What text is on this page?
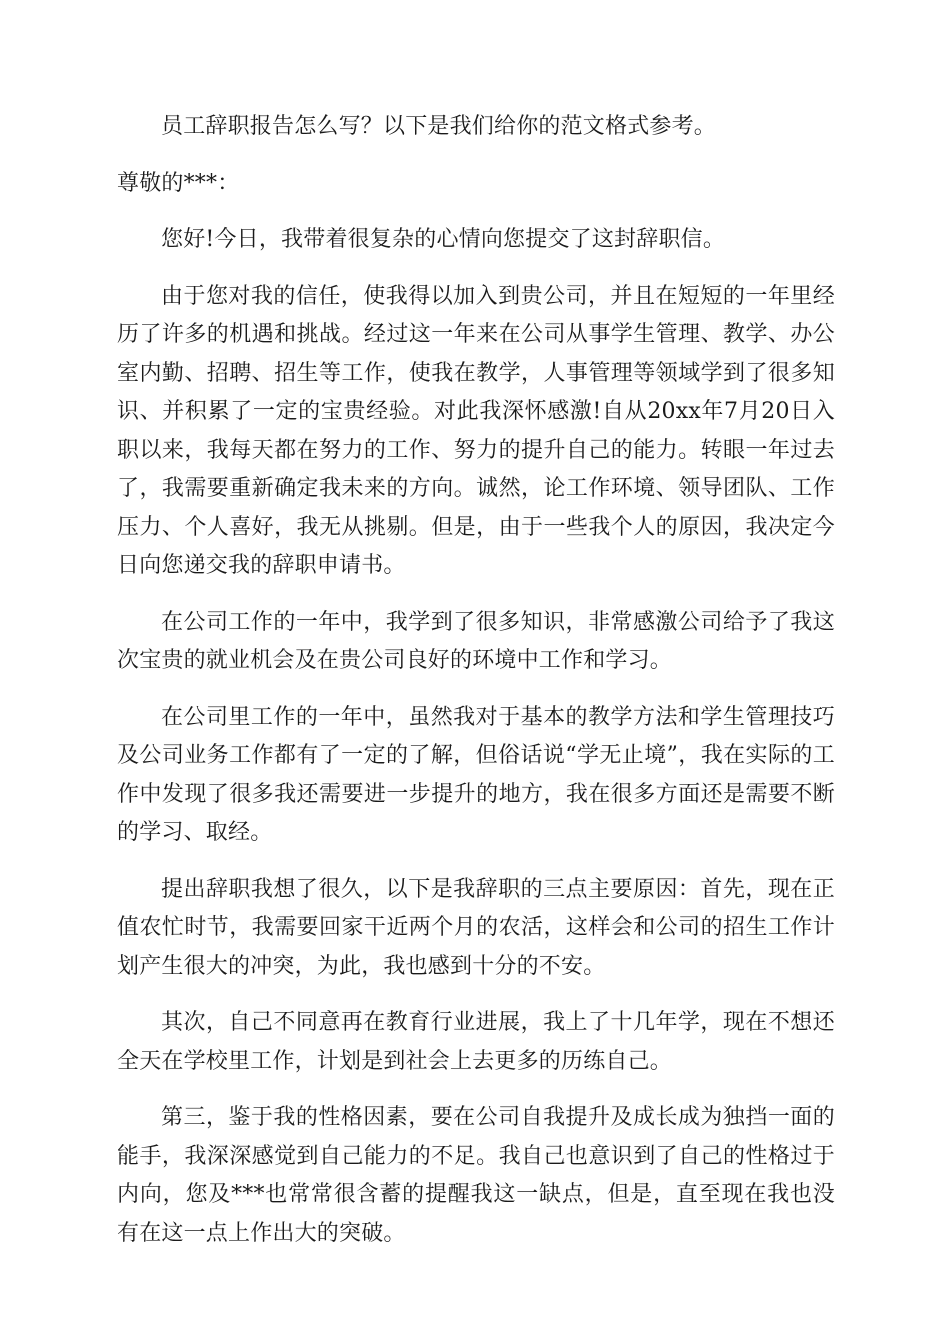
员工辞职报告怎么写？以下是我们给你的范文格式参考。

尊敬的***：

您好!今日，我带着很复杂的心情向您提交了这封辞职信。

由于您对我的信任，使我得以加入到贵公司，并且在短短的一年里经历了许多的机遇和挑战。经过这一年来在公司从事学生管理、教学、办公室内勤、招聘、招生等工作，使我在教学，人事管理等领域学到了很多知识、并积累了一定的宝贵经验。对此我深怀感激!自从20xx年7月20日入职以来，我每天都在努力的工作、努力的提升自己的能力。转眼一年过去了，我需要重新确定我未来的方向。诚然，论工作环境、领导团队、工作压力、个人喜好，我无从挑剔。但是，由于一些我个人的原因，我决定今日向您递交我的辞职申请书。

在公司工作的一年中，我学到了很多知识，非常感激公司给予了我这次宝贵的就业机会及在贵公司良好的环境中工作和学习。

在公司里工作的一年中，虽然我对于基本的教学方法和学生管理技巧及公司业务工作都有了一定的了解，但俗话说“学无止境”，我在实际的工作中发现了很多我还需要进一步提升的地方，我在很多方面还是需要不断的学习、取经。

提出辞职我想了很久，以下是我辞职的三点主要原因：首先，现在正值农忙时节，我需要回家干近两个月的农活，这样会和公司的招生工作计划产生很大的冲突，为此，我也感到十分的不安。

其次，自己不同意再在教育行业进展，我上了十几年学，现在不想还全天在学校里工作，计划是到社会上去更多的历练自己。

第三，鉴于我的性格因素，要在公司自我提升及成长成为独挡一面的能手，我深深感觉到自己能力的不足。我自己也意识到了自己的性格过于内向，您及***也常常很含蓄的提醒我这一缺点，但是，直至现在我也没有在这一点上作出大的突破。
